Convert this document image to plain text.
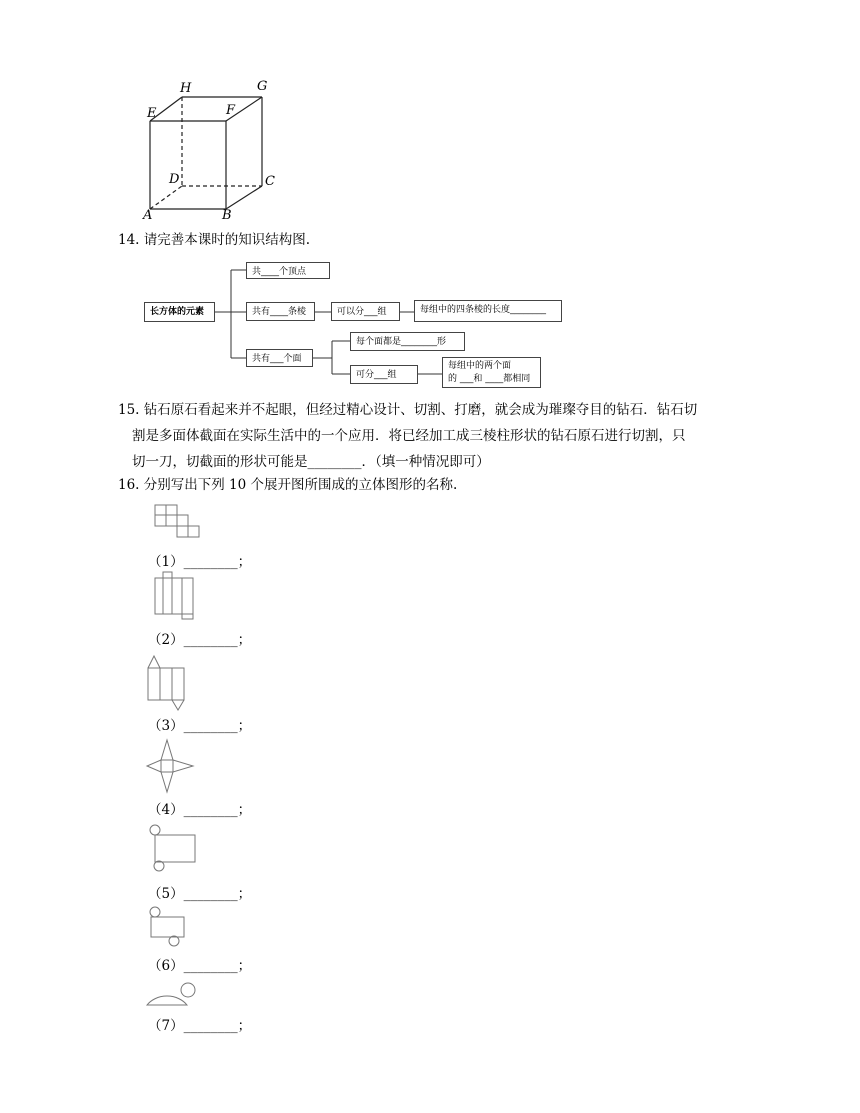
H	G
E	F
D	C
A	B
14. 请完善本课时的知识结构图.
长方体的元素
共____个顶点
共有____条棱	可以分___组	每组中的四条棱的长度________
共有___个面
每个面都是________形
可分___组
每组中的两个面
的 ___和 ____都相同
15. 钻石原石看起来并不起眼，但经过精心设计、切割、打磨，就会成为璀璨夺目的钻石．钻石切
割是多面体截面在实际生活中的一个应用．将已经加工成三棱柱形状的钻石原石进行切割，只
切一刀，切截面的形状可能是________．（填一种情况即可）
16. 分别写出下列 10 个展开图所围成的立体图形的名称.
（1）________；
（2）________；
（3）________；
（4）________；
（5）________；
（6）________；
（7）________；
